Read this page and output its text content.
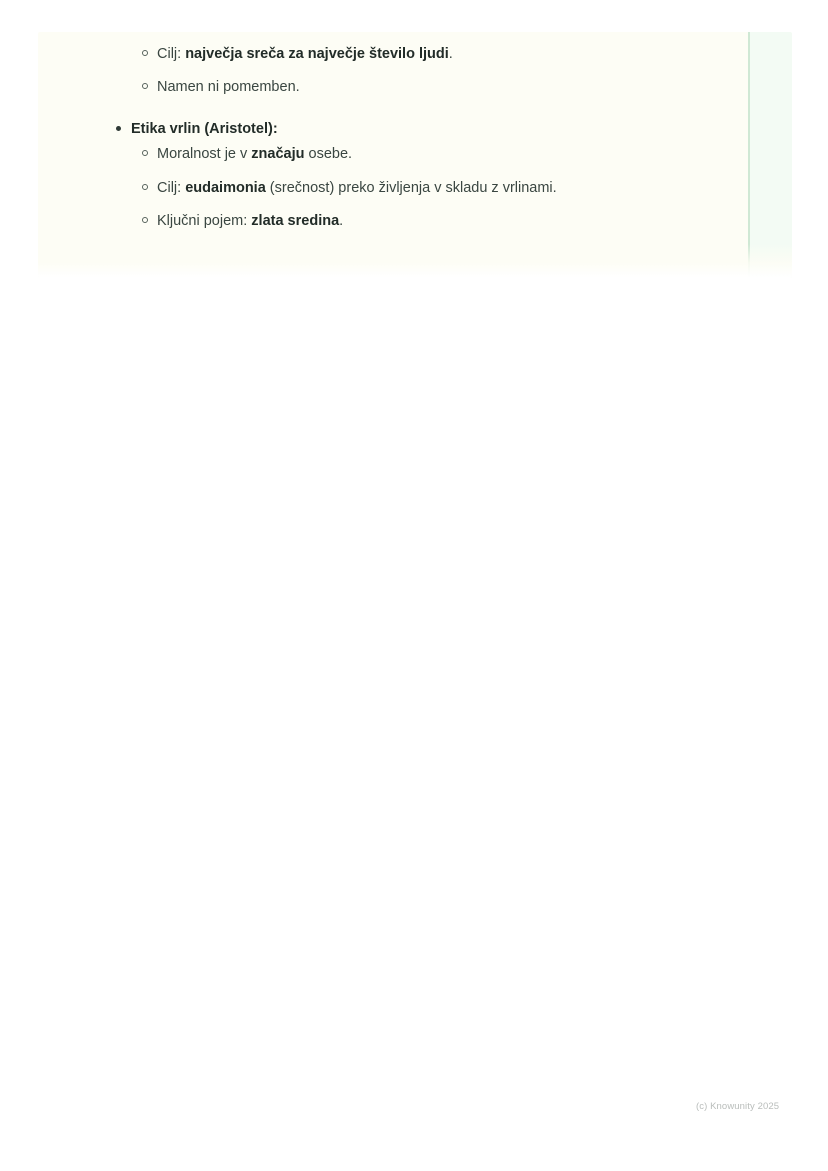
Cilj: največja sreča za največje število ljudi.
Namen ni pomemben.
Etika vrlin (Aristotel):
Moralnost je v značaju osebe.
Cilj: eudaimonia (srečnost) preko življenja v skladu z vrlinami.
Ključni pojem: zlata sredina.
(c) Knowunity 2025
